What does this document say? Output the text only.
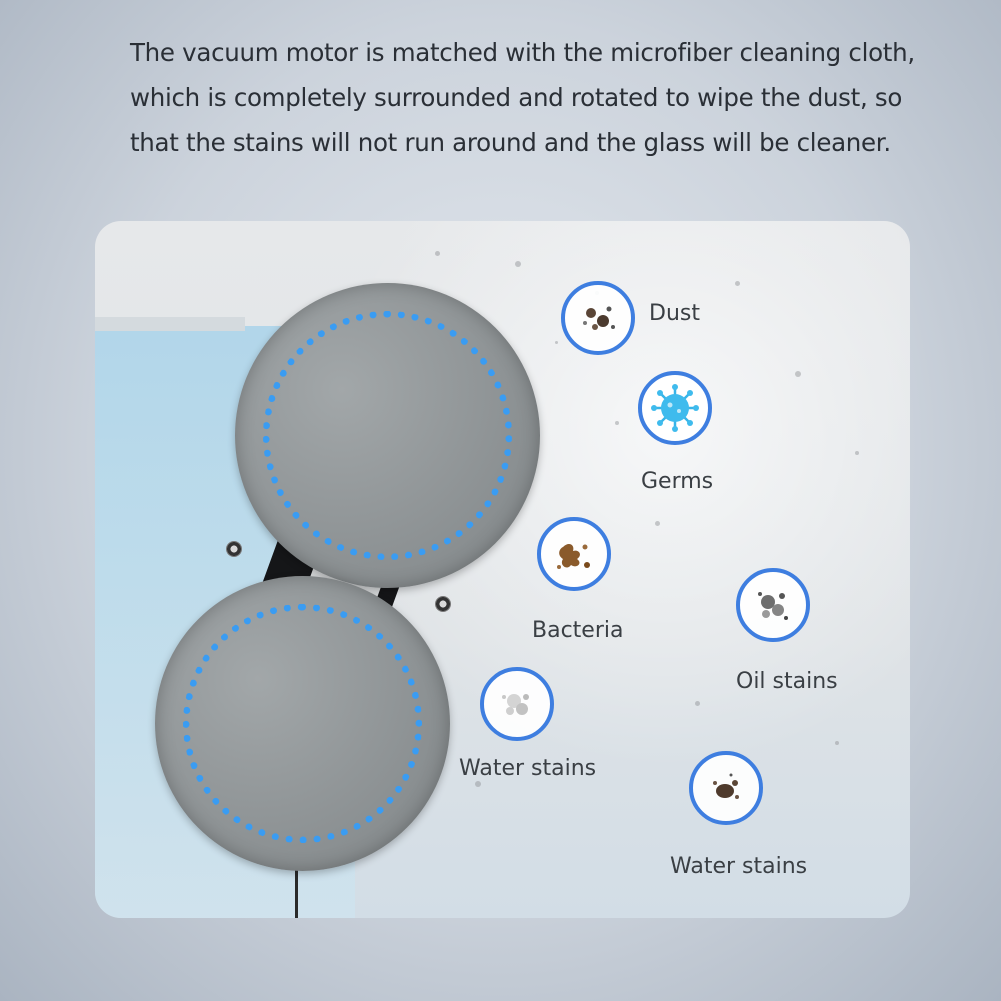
The vacuum motor is matched with the microfiber cleaning cloth,
which is completely surrounded and rotated to wipe the dust, so
that the stains will not run around and the glass will be cleaner.
Dust
Germs
Bacteria
Oil stains
Water stains
Water stains
